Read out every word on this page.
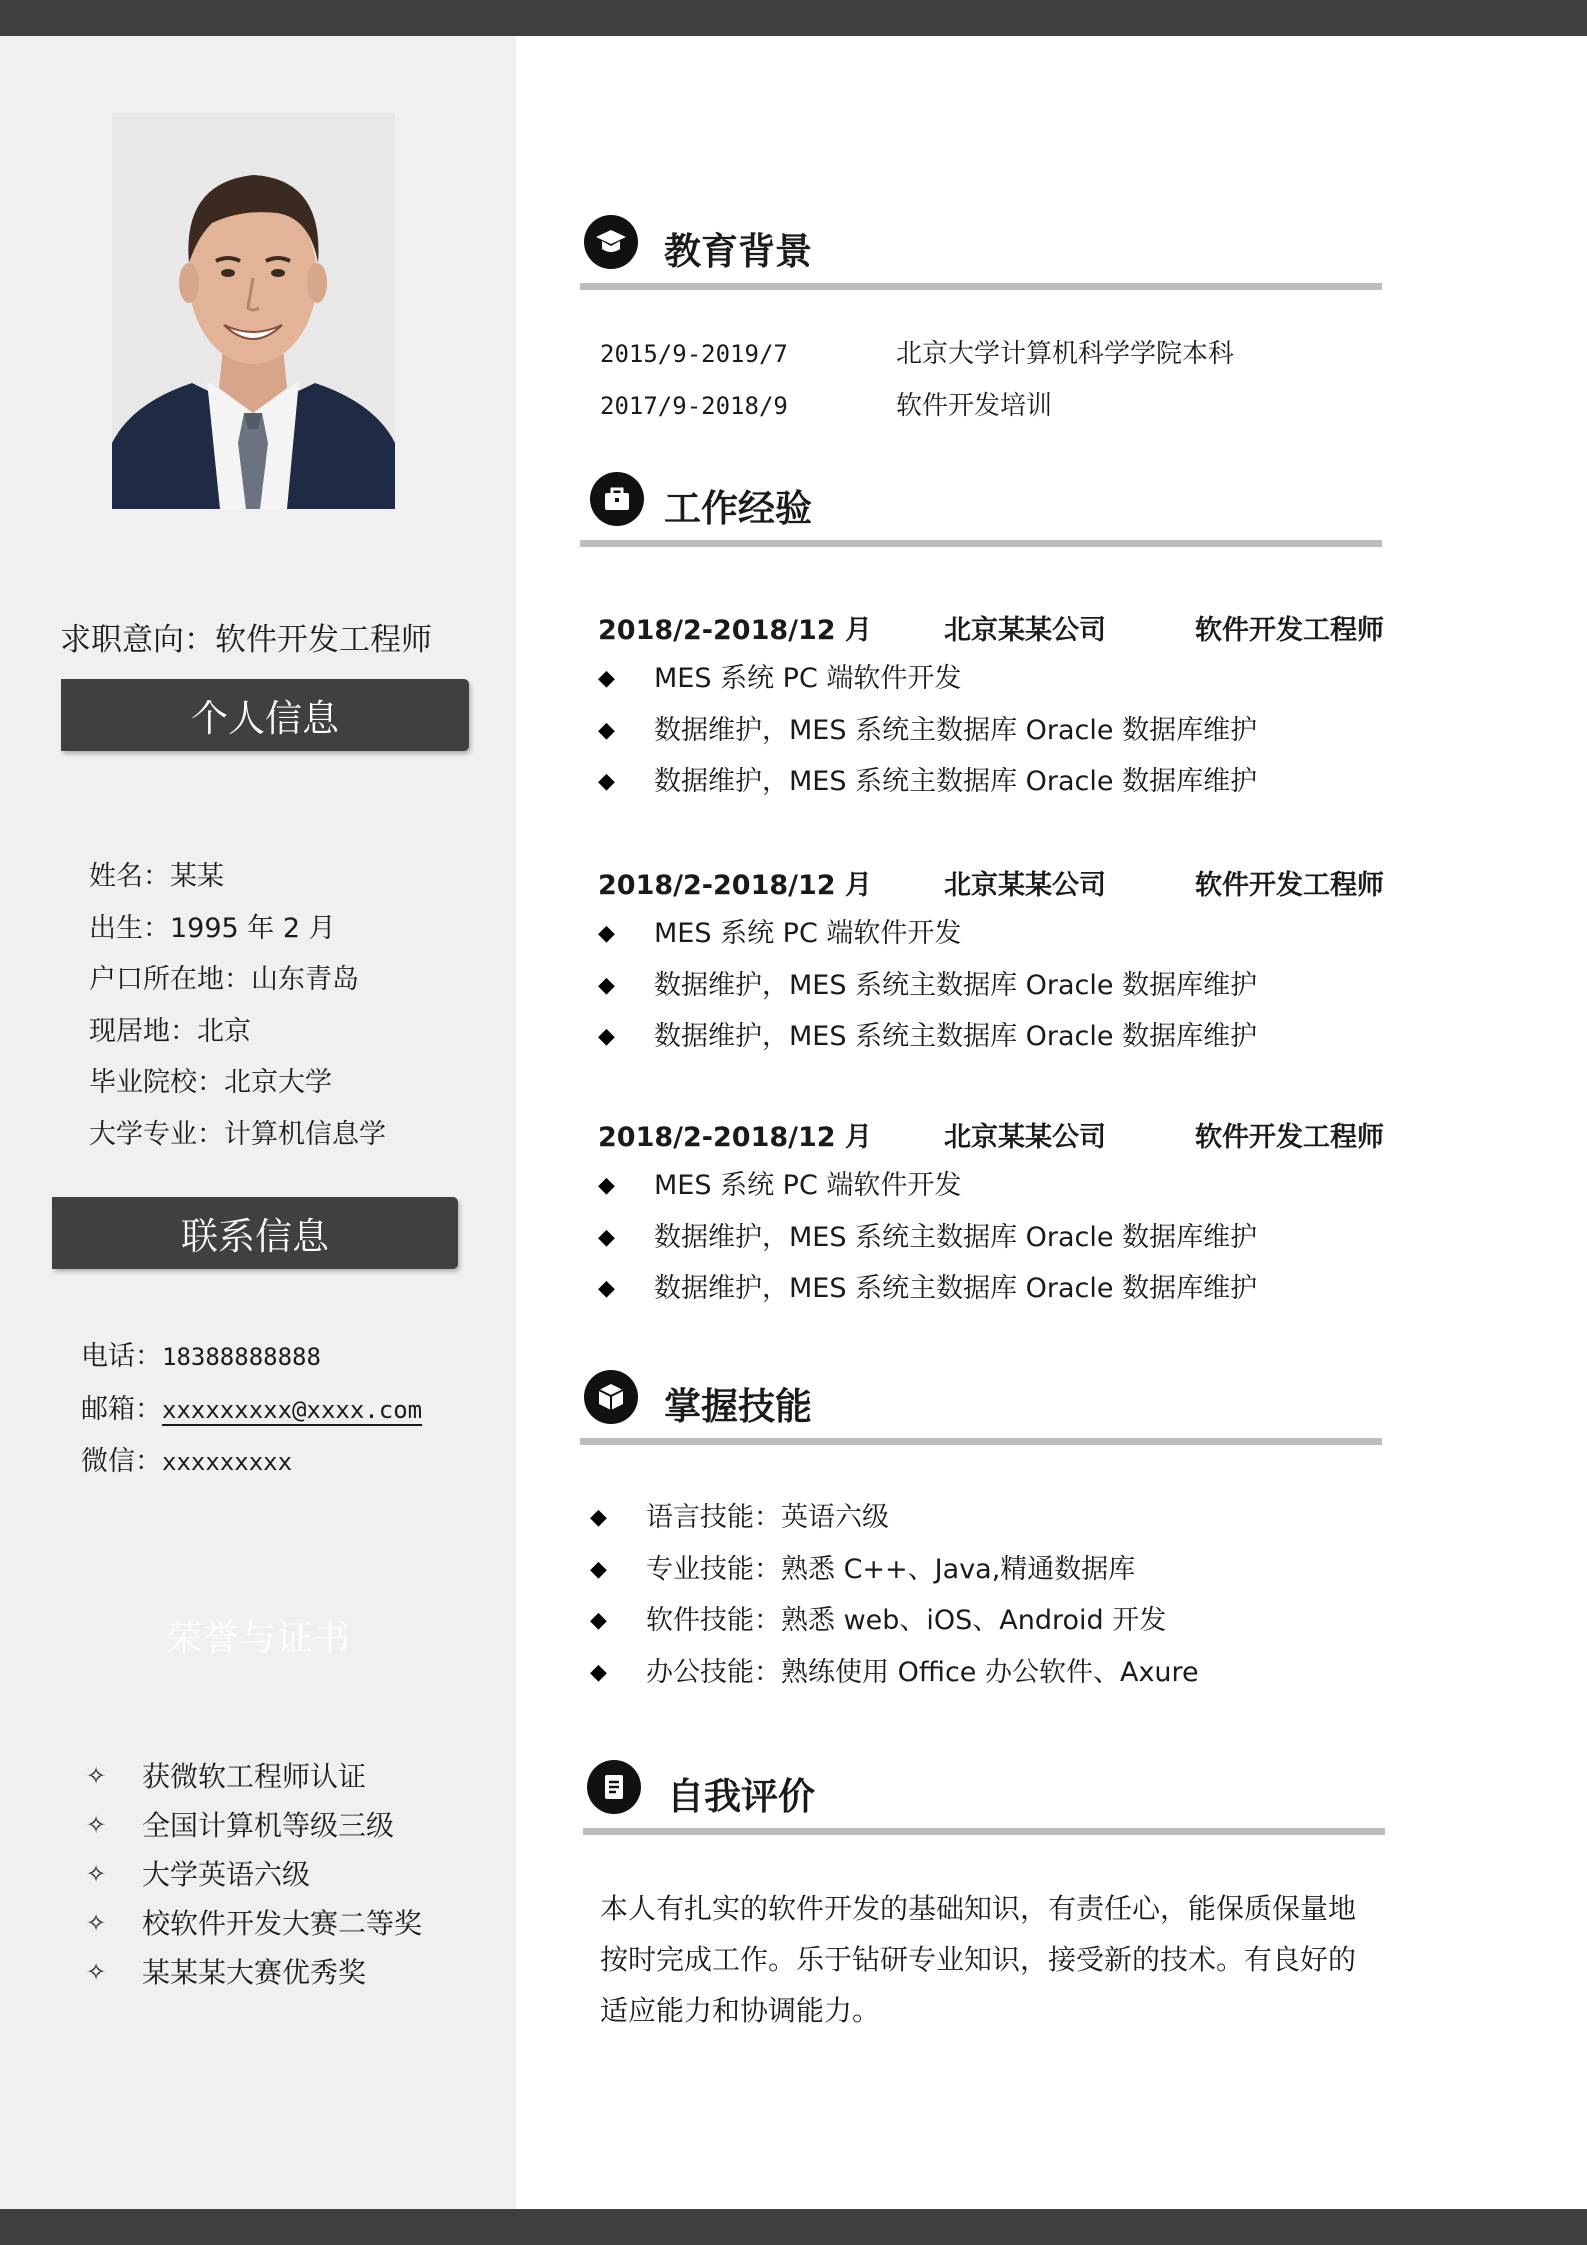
求职意向：软件开发工程师
个人信息
姓名：某某
出生：1995 年 2 月
户口所在地：山东青岛
现居地：北京
毕业院校：北京大学
大学专业：计算机信息学
联系信息
电话：18388888888
邮箱：xxxxxxxxx@xxxx.com
微信：xxxxxxxxx
荣誉与证书
✧	获微软工程师认证
✧	全国计算机等级三级
✧	大学英语六级
✧	校软件开发大赛二等奖
✧	某某某大赛优秀奖
教育背景
2015/9-2019/7	北京大学计算机科学学院本科
2017/9-2018/9	软件开发培训
工作经验
2018/2-2018/12 月	北京某某公司	软件开发工程师
◆	MES 系统 PC 端软件开发
◆	数据维护，MES 系统主数据库 Oracle 数据库维护
◆	数据维护，MES 系统主数据库 Oracle 数据库维护
2018/2-2018/12 月	北京某某公司	软件开发工程师
◆	MES 系统 PC 端软件开发
◆	数据维护，MES 系统主数据库 Oracle 数据库维护
◆	数据维护，MES 系统主数据库 Oracle 数据库维护
2018/2-2018/12 月	北京某某公司	软件开发工程师
◆	MES 系统 PC 端软件开发
◆	数据维护，MES 系统主数据库 Oracle 数据库维护
◆	数据维护，MES 系统主数据库 Oracle 数据库维护
掌握技能
◆	语言技能：英语六级
◆	专业技能：熟悉 C++、Java,精通数据库
◆	软件技能：熟悉 web、iOS、Android 开发
◆	办公技能：熟练使用 Office 办公软件、Axure
自我评价
本人有扎实的软件开发的基础知识，有责任心，能保质保量地
按时完成工作。乐于钻研专业知识，接受新的技术。有良好的
适应能力和协调能力。
